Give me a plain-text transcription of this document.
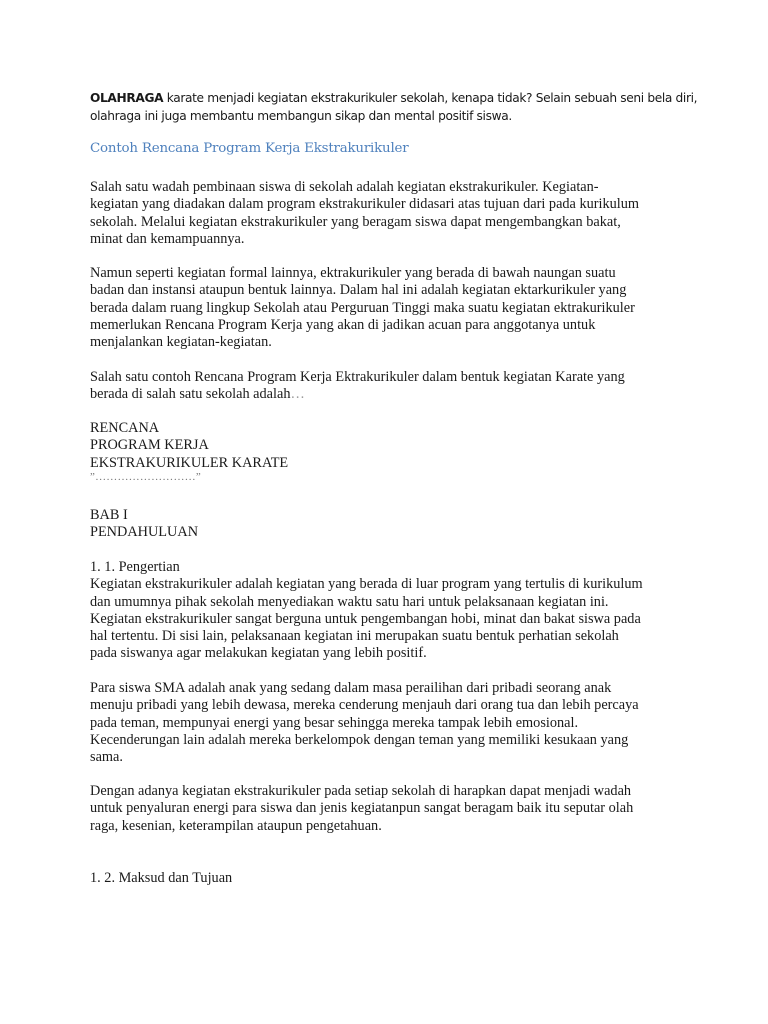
OLAHRAGA karate menjadi kegiatan ekstrakurikuler sekolah, kenapa tidak? Selain sebuah seni bela diri,
olahraga ini juga membantu membangun sikap dan mental positif siswa.
Contoh Rencana Program Kerja Ekstrakurikuler

Salah satu wadah pembinaan siswa di sekolah adalah kegiatan ekstrakurikuler. Kegiatan-
kegiatan yang diadakan dalam program ekstrakurikuler didasari atas tujuan dari pada kurikulum
sekolah. Melalui kegiatan ekstrakurikuler yang beragam siswa dapat mengembangkan bakat,
minat dan kemampuannya.

Namun seperti kegiatan formal lainnya, ektrakurikuler yang berada di bawah naungan suatu
badan dan instansi ataupun bentuk lainnya. Dalam hal ini adalah kegiatan ektarkurikuler yang
berada dalam ruang lingkup Sekolah atau Perguruan Tinggi maka suatu kegiatan ektrakurikuler
memerlukan Rencana Program Kerja yang akan di jadikan acuan para anggotanya untuk
menjalankan kegiatan-kegiatan.

Salah satu contoh Rencana Program Kerja Ektrakurikuler dalam bentuk kegiatan Karate yang
berada di salah satu sekolah adalah…

RENCANA
PROGRAM KERJA
EKSTRAKURIKULER KARATE
”………………………”

BAB I
PENDAHULUAN

1. 1. Pengertian
Kegiatan ekstrakurikuler adalah kegiatan yang berada di luar program yang tertulis di kurikulum
dan umumnya pihak sekolah menyediakan waktu satu hari untuk pelaksanaan kegiatan ini.
Kegiatan ekstrakurikuler sangat berguna untuk pengembangan hobi, minat dan bakat siswa pada
hal tertentu. Di sisi lain, pelaksanaan kegiatan ini merupakan suatu bentuk perhatian sekolah
pada siswanya agar melakukan kegiatan yang lebih positif.

Para siswa SMA adalah anak yang sedang dalam masa perailihan dari pribadi seorang anak
menuju pribadi yang lebih dewasa, mereka cenderung menjauh dari orang tua dan lebih percaya
pada teman, mempunyai energi yang besar sehingga mereka tampak lebih emosional.
Kecenderungan lain adalah mereka berkelompok dengan teman yang memiliki kesukaan yang
sama.

Dengan adanya kegiatan ekstrakurikuler pada setiap sekolah di harapkan dapat menjadi wadah
untuk penyaluran energi para siswa dan jenis kegiatanpun sangat beragam baik itu seputar olah
raga, kesenian, keterampilan ataupun pengetahuan.

1. 2. Maksud dan Tujuan
